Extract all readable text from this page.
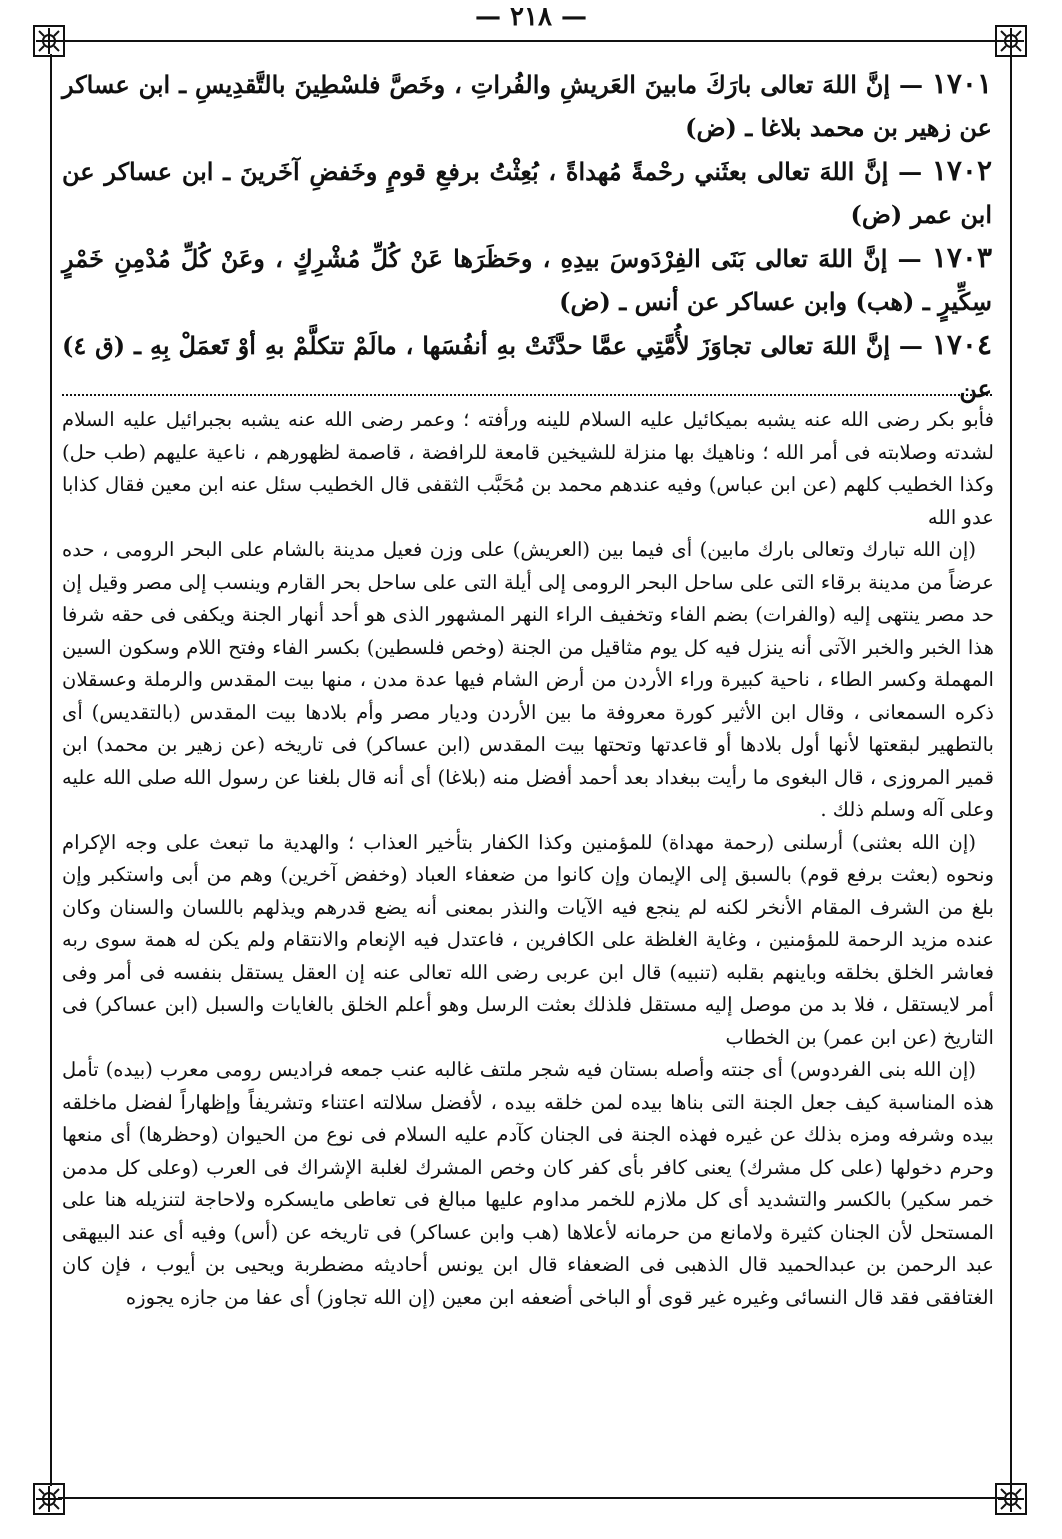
— ٢١٨ —
١٧٠١ — إنَّ اللهَ تعالى بارَكَ مابينَ العَريشِ والفُراتِ ، وخَصَّ فلسْطِينَ بالتَّقدِيسِ ـ ابن عساكر عن زهير بن محمد بلاغا ـ (ض)
١٧٠٢ — إنَّ اللهَ تعالى بعثَني رحْمةً مُهداةً ، بُعِثْتُ برفعِ قومٍ وخَفضِ آخَرينَ ـ ابن عساكر عن ابن عمر (ض)
١٧٠٣ — إنَّ اللهَ تعالى بَنَى الفِرْدَوسَ بيدِهِ ، وحَظَرَها عَنْ كُلِّ مُشْرِكٍ ، وعَنْ كُلِّ مُدْمِنِ خَمْرٍ سِكِّيرٍ ـ (هب) وابن عساكر عن أنس ـ (ض)
١٧٠٤ — إنَّ اللهَ تعالى تجاوَزَ لأُمَّتِي عمَّا حدَّثَتْ بهِ أنفُسَها ، مالَمْ تتكلَّمْ بهِ أوْ تَعمَلْ بِهِ ـ (ق ٤) عن

فأبو بكر رضى الله عنه يشبه بميكائيل عليه السلام للينه ورأفته ؛ وعمر رضى الله عنه يشبه بجبرائيل عليه السلام لشدته وصلابته فى أمر الله ؛ وناهيك بها منزلة للشيخين قامعة للرافضة ، قاصمة لظهورهم ، ناعية عليهم (طب حل) وكذا الخطيب كلهم (عن ابن عباس) وفيه عندهم محمد بن مُحَبَّب الثقفى قال الخطيب سئل عنه ابن معين فقال كذابا عدو الله

(إن الله تبارك وتعالى بارك مابين) أى فيما بين (العريش) على وزن فعيل مدينة بالشام على البحر الرومى ، حده عرضاً من مدينة برقاء التى على ساحل البحر الرومى إلى أيلة التى على ساحل بحر القارم وينسب إلى مصر وقيل إن حد مصر ينتهى إليه (والفرات) بضم الفاء وتخفيف الراء النهر المشهور الذى هو أحد أنهار الجنة ويكفى فى حقه شرفا هذا الخبر والخبر الآتى أنه ينزل فيه كل يوم مثاقيل من الجنة (وخص فلسطين) بكسر الفاء وفتح اللام وسكون السين المهملة وكسر الطاء ، ناحية كبيرة وراء الأردن من أرض الشام فيها عدة مدن ، منها بيت المقدس والرملة وعسقلان ذكره السمعانى ، وقال ابن الأثير كورة معروفة ما بين الأردن وديار مصر وأم بلادها بيت المقدس (بالتقديس) أى بالتطهير لبقعتها لأنها أول بلادها أو قاعدتها وتحتها بيت المقدس (ابن عساكر) فى تاريخه (عن زهير بن محمد) ابن قمير المروزى ، قال البغوى ما رأيت ببغداد بعد أحمد أفضل منه (بلاغا) أى أنه قال بلغنا عن رسول الله صلى الله عليه وعلى آله وسلم ذلك .

(إن الله بعثنى) أرسلنى (رحمة مهداة) للمؤمنين وكذا الكفار بتأخير العذاب ؛ والهدية ما تبعث على وجه الإكرام ونحوه (بعثت برفع قوم) بالسبق إلى الإيمان وإن كانوا من ضعفاء العباد (وخفض آخرين) وهم من أبى واستكبر وإن بلغ من الشرف المقام الأنخر لكنه لم ينجع فيه الآيات والنذر بمعنى أنه يضع قدرهم ويذلهم باللسان والسنان وكان عنده مزيد الرحمة للمؤمنين ، وغاية الغلظة على الكافرين ، فاعتدل فيه الإنعام والانتقام ولم يكن له همة سوى ربه فعاشر الخلق بخلقه وباينهم بقلبه (تنبيه) قال ابن عربى رضى الله تعالى عنه إن العقل يستقل بنفسه فى أمر وفى أمر لايستقل ، فلا بد من موصل إليه مستقل فلذلك بعثت الرسل وهو أعلم الخلق بالغايات والسبل (ابن عساكر) فى التاريخ (عن ابن عمر) بن الخطاب

(إن الله بنى الفردوس) أى جنته وأصله بستان فيه شجر ملتف غالبه عنب جمعه فراديس رومى معرب (بيده) تأمل هذه المناسبة كيف جعل الجنة التى بناها بيده لمن خلقه بيده ، لأفضل سلالته اعتناء وتشريفاً وإظهاراً لفضل ماخلقه بيده وشرفه ومزه بذلك عن غيره فهذه الجنة فى الجنان كآدم عليه السلام فى نوع من الحيوان (وحظرها) أى منعها وحرم دخولها (على كل مشرك) يعنى كافر بأى كفر كان وخص المشرك لغلبة الإشراك فى العرب (وعلى كل مدمن خمر سكير) بالكسر والتشديد أى كل ملازم للخمر مداوم عليها مبالغ فى تعاطى مايسكره ولاحاجة لتنزيله هنا على المستحل لأن الجنان كثيرة ولامانع من حرمانه لأعلاها (هب وابن عساكر) فى تاريخه عن (أس) وفيه أى عند البيهقى عبد الرحمن بن عبدالحميد قال الذهبى فى الضعفاء قال ابن يونس أحاديثه مضطربة ويحيى بن أيوب ، فإن كان الغتافقى فقد قال النسائى وغيره غير قوى أو الباخى أضعفه ابن معين (إن الله تجاوز) أى عفا من جازه يجوزه
